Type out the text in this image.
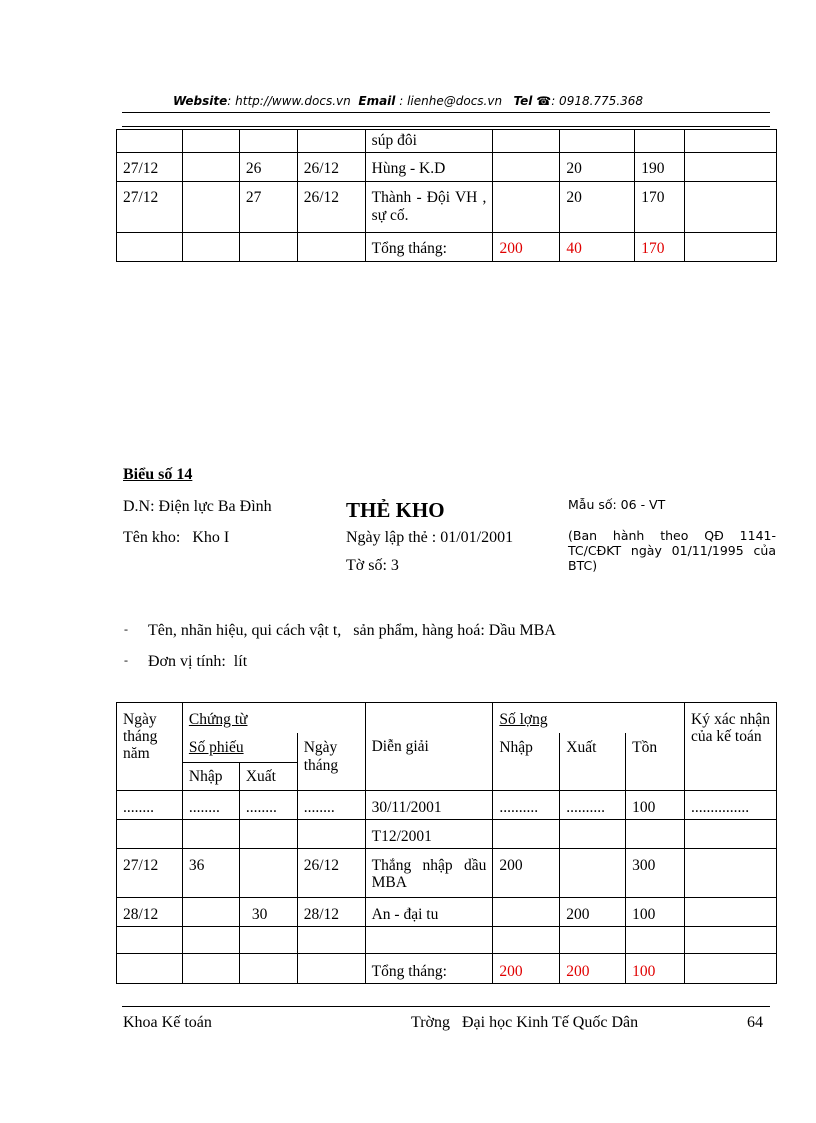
Website: http://www.docs.vn Email : lienhe@docs.vn Tel ☎: 0918.775.368
				súp đôi				
27/12		26	26/12	Hùng - K.D		20	190	
27/12		27	26/12	Thành - Đội VH , sự cố.		20	170	
				Tổng tháng:	200	40	170	
Biểu số 14
D.N: Điện lực Ba Đình
Tên kho:   Kho I
THẺ KHO
Ngày lập thẻ : 01/01/2001
Tờ số: 3
Mẫu số: 06 - VT
(Ban hành theo QĐ 1141-TC/CĐKT ngày 01/11/1995 của BTC)
- Tên, nhãn hiệu, qui cách vật t,   sản phẩm, hàng hoá: Dầu MBA
- Đơn vị tính:  lít
Ngày tháng năm	Chứng từ			Diễn giải	Số lợng			Ký xác nhận của kế toán
	Số phiếu		Ngày tháng		Nhập	Xuất	Tồn	
	Nhập	Xuất						
........	........	........	........	30/11/2001	..........	..........	100	...............
				T12/2001				
27/12	36		26/12	Thắng nhập dầu MBA	200		300	
28/12		30	28/12	An - đại tu		200	100	

				Tổng tháng:	200	200	100	
Khoa Kế toán	Trờng   Đại học Kinh Tế Quốc Dân	64
